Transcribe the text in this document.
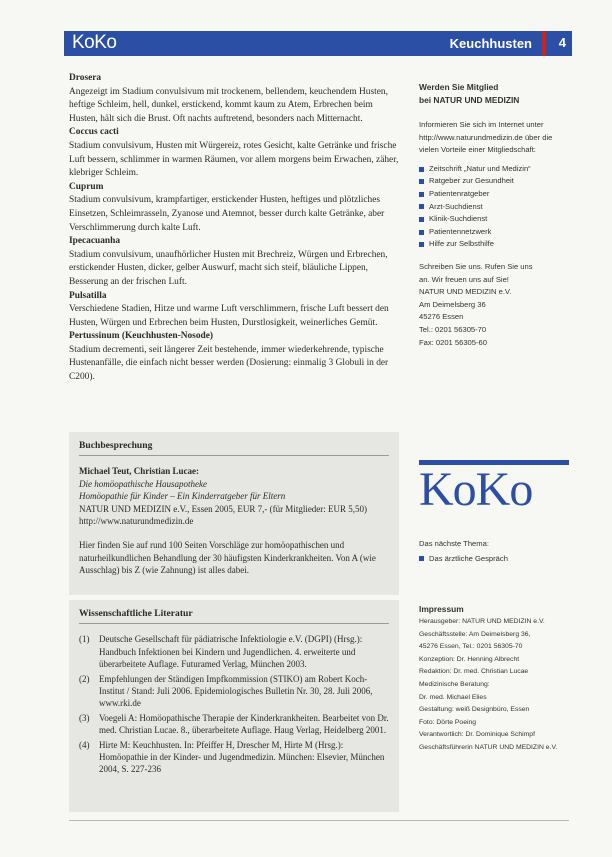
KoKo	Keuchhusten 4

Drosera

Angezeigt im Stadium convulsivum mit trockenem, bellendem, keuchendem Husten, heftige Schleim, hell, dunkel, erstickend, kommt kaum zu Atem, Erbrechen beim Husten, hält sich die Brust. Oft nachts auftretend, besonders nach Mitternacht.

Coccus cacti

Stadium convulsivum, Husten mit Würgereiz, rotes Gesicht, kalte Getränke und frische Luft bessern, schlimmer in warmen Räumen, vor allem morgens beim Erwachen, zäher, klebriger Schleim.

Cuprum

Stadium convulsivum, krampfartiger, erstickender Husten, heftiges und plötzliches Einsetzen, Schleimrasseln, Zyanose und Atemnot, besser durch kalte Getränke, aber Verschlimmerung durch kalte Luft.

Ipecacuanha

Stadium convulsivum, unaufhörlicher Husten mit Brechreiz, Würgen und Erbrechen, erstickender Husten, dicker, gelber Auswurf, macht sich steif, bläuliche Lippen, Besserung an der frischen Luft.

Pulsatilla

Verschiedene Stadien, Hitze und warme Luft verschlimmern, frische Luft bessert den Husten, Würgen und Erbrechen beim Husten, Durstlosigkeit, weinerliches Gemüt.

Pertussinum (Keuchhusten-Nosode)

Stadium decrementi, seit längerer Zeit bestehende, immer wiederkehrende, typische Hustenanfälle, die einfach nicht besser werden (Dosierung: einmalig 3 Globuli in der C200).

Buchbesprechung

Michael Teut, Christian Lucae:

Die homöopathische Hausapotheke

Homöopathie für Kinder – Ein Kinderratgeber für Eltern

NATUR UND MEDIZIN e.V., Essen 2005, EUR 7,- (für Mitglieder: EUR 5,50)

http://www.naturundmedizin.de

Hier finden Sie auf rund 100 Seiten Vorschläge zur homöopathischen und naturheilkundlichen Behandlung der 30 häufigsten Kinderkrankheiten. Von A (wie Ausschlag) bis Z (wie Zahnung) ist alles dabei.

Wissenschaftliche Literatur

(1)	Deutsche Gesellschaft für pädiatrische Infektiologie e.V. (DGPI) (Hrsg.): Handbuch Infektionen bei Kindern und Jugendlichen. 4. erweiterte und überarbeitete Auflage. Futuramed Verlag, München 2003.
(2)	Empfehlungen der Ständigen Impfkommission (STIKO) am Robert Koch-Institut / Stand: Juli 2006. Epidemiologisches Bulletin Nr. 30, 28. Juli 2006, www.rki.de
(3)	Voegeli A: Homöopathische Therapie der Kinderkrankheiten. Bearbeitet von Dr. med. Christian Lucae. 8., überarbeitete Auflage. Haug Verlag, Heidelberg 2001.
(4)	Hirte M: Keuchhusten. In: Pfeiffer H, Drescher M, Hirte M (Hrsg.): Homöopathie in der Kinder- und Jugendmedizin. München: Elsevier, München 2004, S. 227-236

Werden Sie Mitglied

bei NATUR UND MEDIZIN

Informieren Sie sich im Internet unter http://www.naturundmedizin.de über die vielen Vorteile einer Mitgliedschaft:

Zeitschrift „Natur und Medizin“
Ratgeber zur Gesundheit
Patientenratgeber
Arzt-Suchdienst
Klinik-Suchdienst
Patientennetzwerk
Hilfe zur Selbsthilfe

Schreiben Sie uns. Rufen Sie uns

an. Wir freuen uns auf Sie!

NATUR UND MEDIZIN e.V.

Am Deimelsberg 36

45276 Essen

Tel.: 0201 56305-70

Fax: 0201 56305-60

KoKo

Das nächste Thema:

Das ärztliche Gespräch

Impressum

Herausgeber: NATUR UND MEDIZIN e.V.

Geschäftsstelle: Am Deimelsberg 36,

45276 Essen, Tel.: 0201 56305-70

Konzeption: Dr. Henning Albrecht

Redaktion: Dr. med. Christian Lucae

Medizinische Beratung:

Dr. med. Michael Elies

Gestaltung: weiß Designbüro, Essen

Foto: Dörte Poeing

Verantwortlich: Dr. Dominique Schimpf

Geschäftsführerin NATUR UND MEDIZIN e.V.
